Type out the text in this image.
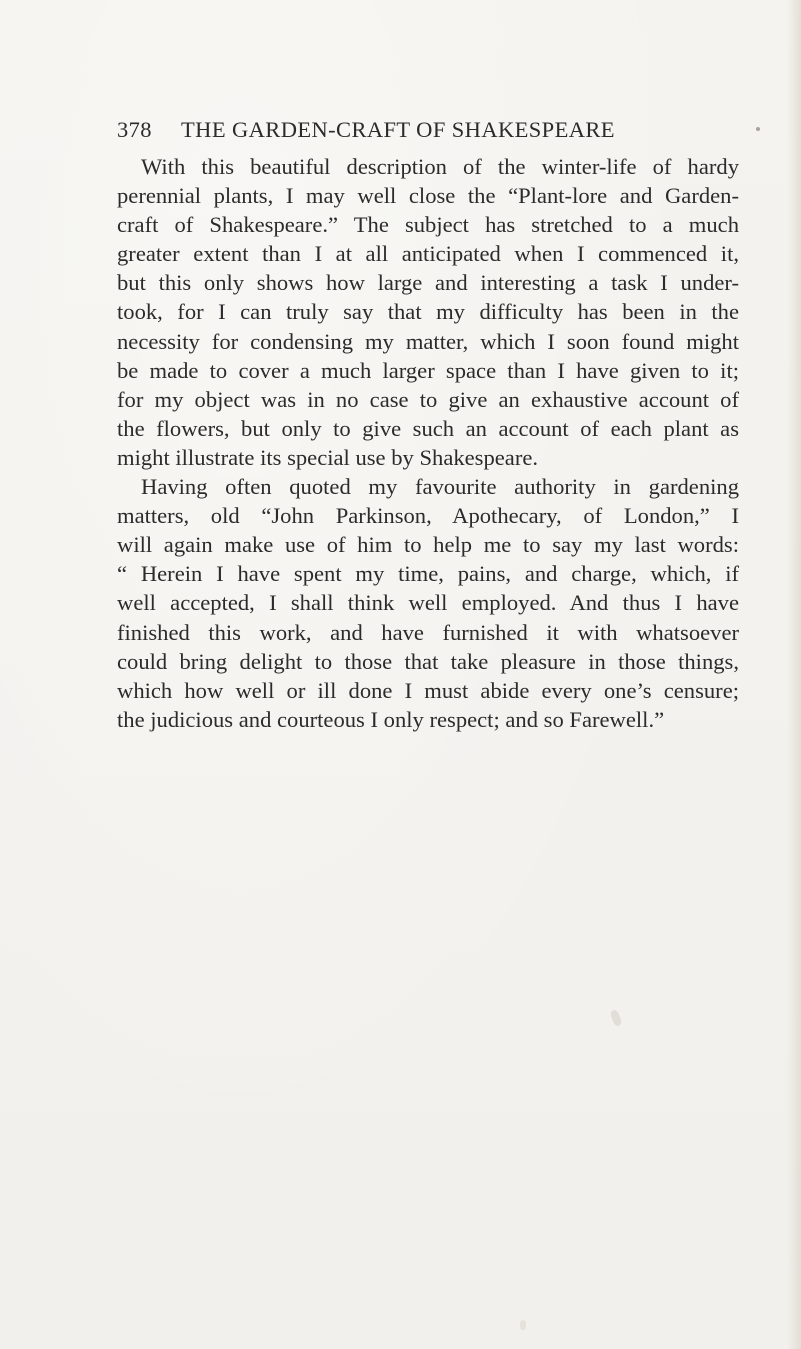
378 THE GARDEN-CRAFT OF SHAKESPEARE
With this beautiful description of the winter-life of hardy
perennial plants, I may well close the “Plant-lore and Garden-
craft of Shakespeare.” The subject has stretched to a much
greater extent than I at all anticipated when I commenced it,
but this only shows how large and interesting a task I under-
took, for I can truly say that my difficulty has been in the
necessity for condensing my matter, which I soon found might
be made to cover a much larger space than I have given to it;
for my object was in no case to give an exhaustive account of
the flowers, but only to give such an account of each plant as
might illustrate its special use by Shakespeare.
Having often quoted my favourite authority in gardening
matters, old “John Parkinson, Apothecary, of London,” I
will again make use of him to help me to say my last words:
“ Herein I have spent my time, pains, and charge, which, if
well accepted, I shall think well employed. And thus I have
finished this work, and have furnished it with whatsoever
could bring delight to those that take pleasure in those things,
which how well or ill done I must abide every one’s censure;
the judicious and courteous I only respect; and so Farewell.”
